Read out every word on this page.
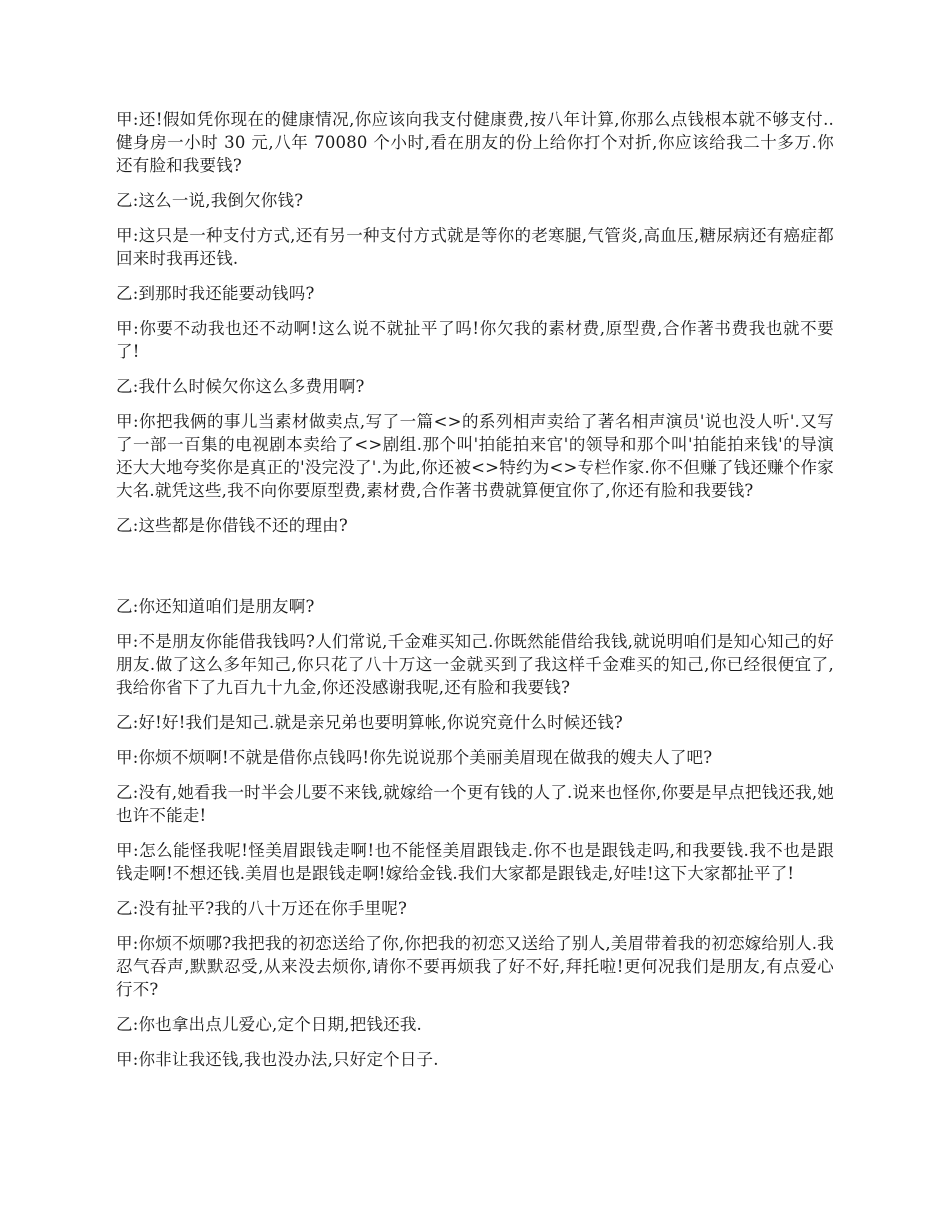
甲:还!假如凭你现在的健康情况,你应该向我支付健康费,按八年计算,你那么点钱根本就不够支付..健身房一小时 30 元,八年 70080 个小时,看在朋友的份上给你打个对折,你应该给我二十多万.你还有脸和我要钱?

乙:这么一说,我倒欠你钱?

甲:这只是一种支付方式,还有另一种支付方式就是等你的老寒腿,气管炎,高血压,糖尿病还有癌症都回来时我再还钱.

乙:到那时我还能要动钱吗?

甲:你要不动我也还不动啊!这么说不就扯平了吗!你欠我的素材费,原型费,合作著书费我也就不要了!

乙:我什么时候欠你这么多费用啊?

甲:你把我俩的事儿当素材做卖点,写了一篇<>的系列相声卖给了著名相声演员'说也没人听'.又写了一部一百集的电视剧本卖给了<>剧组.那个叫'拍能拍来官'的领导和那个叫'拍能拍来钱'的导演还大大地夸奖你是真正的'没完没了'.为此,你还被<>特约为<>专栏作家.你不但赚了钱还赚个作家大名.就凭这些,我不向你要原型费,素材费,合作著书费就算便宜你了,你还有脸和我要钱?

乙:这些都是你借钱不还的理由?

乙:你还知道咱们是朋友啊?

甲:不是朋友你能借我钱吗?人们常说,千金难买知己.你既然能借给我钱,就说明咱们是知心知己的好朋友.做了这么多年知己,你只花了八十万这一金就买到了我这样千金难买的知己,你已经很便宜了,我给你省下了九百九十九金,你还没感谢我呢,还有脸和我要钱?

乙:好!好!我们是知己.就是亲兄弟也要明算帐,你说究竟什么时候还钱?

甲:你烦不烦啊!不就是借你点钱吗!你先说说那个美丽美眉现在做我的嫂夫人了吧?

乙:没有,她看我一时半会儿要不来钱,就嫁给一个更有钱的人了.说来也怪你,你要是早点把钱还我,她也许不能走!

甲:怎么能怪我呢!怪美眉跟钱走啊!也不能怪美眉跟钱走.你不也是跟钱走吗,和我要钱.我不也是跟钱走啊!不想还钱.美眉也是跟钱走啊!嫁给金钱.我们大家都是跟钱走,好哇!这下大家都扯平了!

乙:没有扯平?我的八十万还在你手里呢?

甲:你烦不烦哪?我把我的初恋送给了你,你把我的初恋又送给了别人,美眉带着我的初恋嫁给别人.我忍气吞声,默默忍受,从来没去烦你,请你不要再烦我了好不好,拜托啦!更何况我们是朋友,有点爱心行不?

乙:你也拿出点儿爱心,定个日期,把钱还我.

甲:你非让我还钱,我也没办法,只好定个日子.
